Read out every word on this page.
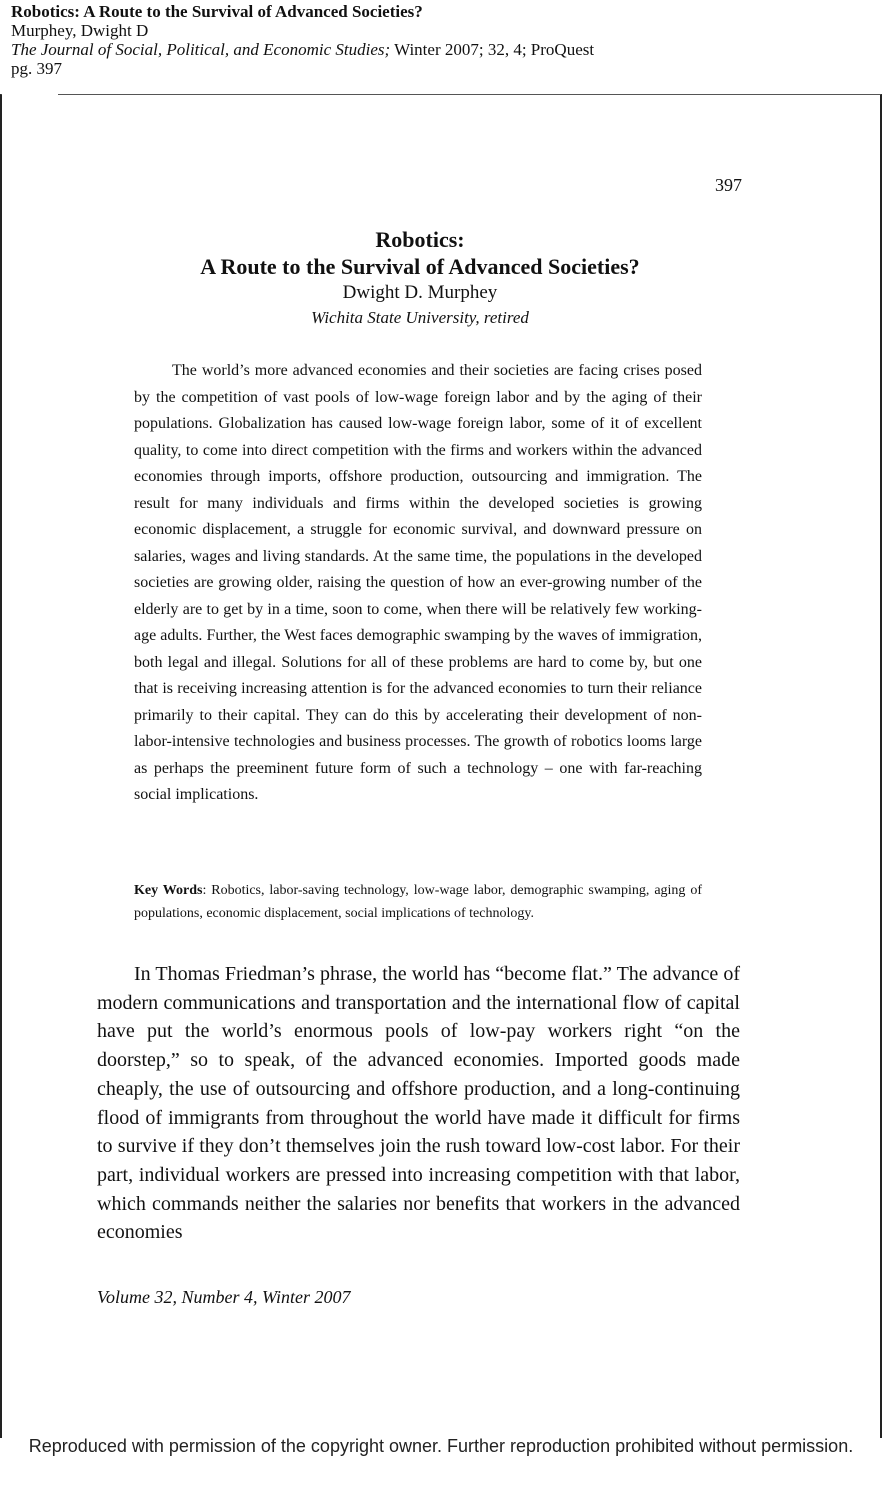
Robotics: A Route to the Survival of Advanced Societies?
Murphey, Dwight D
The Journal of Social, Political, and Economic Studies; Winter 2007; 32, 4; ProQuest
pg. 397
397
Robotics:
A Route to the Survival of Advanced Societies?
Dwight D. Murphey
Wichita State University, retired

The world’s more advanced economies and their societies are facing crises posed by the competition of vast pools of low-wage foreign labor and by the aging of their populations. Globalization has caused low-wage foreign labor, some of it of excellent quality, to come into direct competition with the firms and workers within the advanced economies through imports, offshore production, outsourcing and immigration. The result for many individuals and firms within the developed societies is growing economic displacement, a struggle for economic survival, and downward pressure on salaries, wages and living standards. At the same time, the populations in the developed societies are growing older, raising the question of how an ever-growing number of the elderly are to get by in a time, soon to come, when there will be relatively few working-age adults. Further, the West faces demographic swamping by the waves of immigration, both legal and illegal. Solutions for all of these problems are hard to come by, but one that is receiving increasing attention is for the advanced economies to turn their reliance primarily to their capital. They can do this by accelerating their development of non-labor-intensive technologies and business processes. The growth of robotics looms large as perhaps the preeminent future form of such a technology – one with far-reaching social implications.

Key Words: Robotics, labor-saving technology, low-wage labor, demographic swamping, aging of populations, economic displacement, social implications of technology.

In Thomas Friedman’s phrase, the world has “become flat.” The advance of modern communications and transportation and the international flow of capital have put the world’s enormous pools of low-pay workers right “on the doorstep,” so to speak, of the advanced economies. Imported goods made cheaply, the use of outsourcing and offshore production, and a long-continuing flood of immigrants from throughout the world have made it difficult for firms to survive if they don’t themselves join the rush toward low-cost labor. For their part, individual workers are pressed into increasing competition with that labor, which commands neither the salaries nor benefits that workers in the advanced economies

Volume 32, Number 4, Winter 2007
Reproduced with permission of the copyright owner. Further reproduction prohibited without permission.
